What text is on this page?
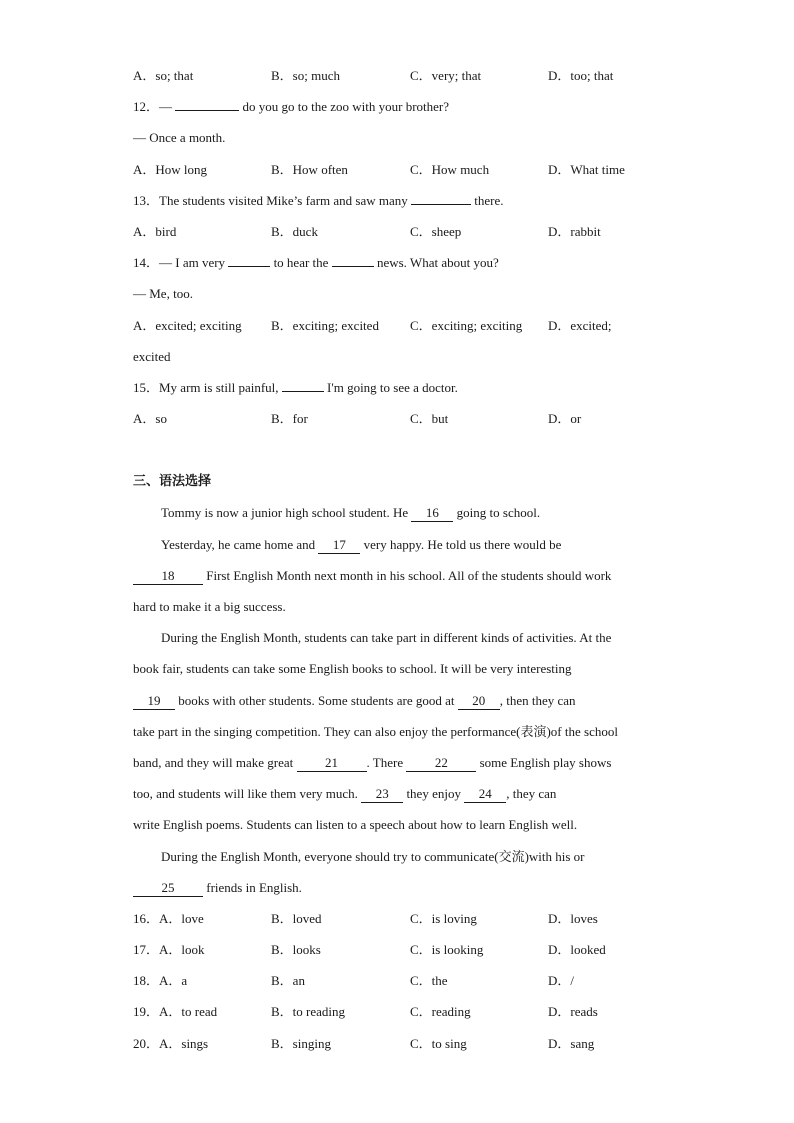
A．so; that	B．so; much	C．very; that	D．too; that
12．—	do you go to the zoo with your brother?
— Once a month.
A．How long	B．How often	C．How much	D．What time
13．The students visited Mike’s farm and saw many	there.
A．bird	B．duck	C．sheep	D．rabbit
14．— I am very	to hear the	news. What about you?
— Me, too.
A．excited; exciting B．exciting; excited C．exciting; exciting D．excited;
excited
15．My arm is still painful,	I'm going to see a doctor.
A．so	B．for	C．but	D．or
三、语法选择
Tommy is now a junior high school student. He 16 going to school.
Yesterday, he came home and 17 very happy. He told us there would be
18 First English Month next month in his school. All of the students should work
hard to make it a big success.
During the English Month, students can take part in different kinds of activities. At the
book fair, students can take some English books to school. It will be very interesting
19 books with other students. Some students are good at 20 , then they can
take part in the singing competition. They can also enjoy the performance(表演)of the school
band, and they will make great 21 . There 22 some English play shows
too, and students will like them very much. 23 they enjoy 24 , they can
write English poems. Students can listen to a speech about how to learn English well.
During the English Month, everyone should try to communicate(交流)with his or
25 friends in English.
16．A．love	B．loved	C．is loving	D．loves
17．A．look	B．looks	C．is looking	D．looked
18．A．a	B．an	C．the	D．/
19．A．to read	B．to reading	C．reading	D．reads
20．A．sings	B．singing	C．to sing	D．sang
